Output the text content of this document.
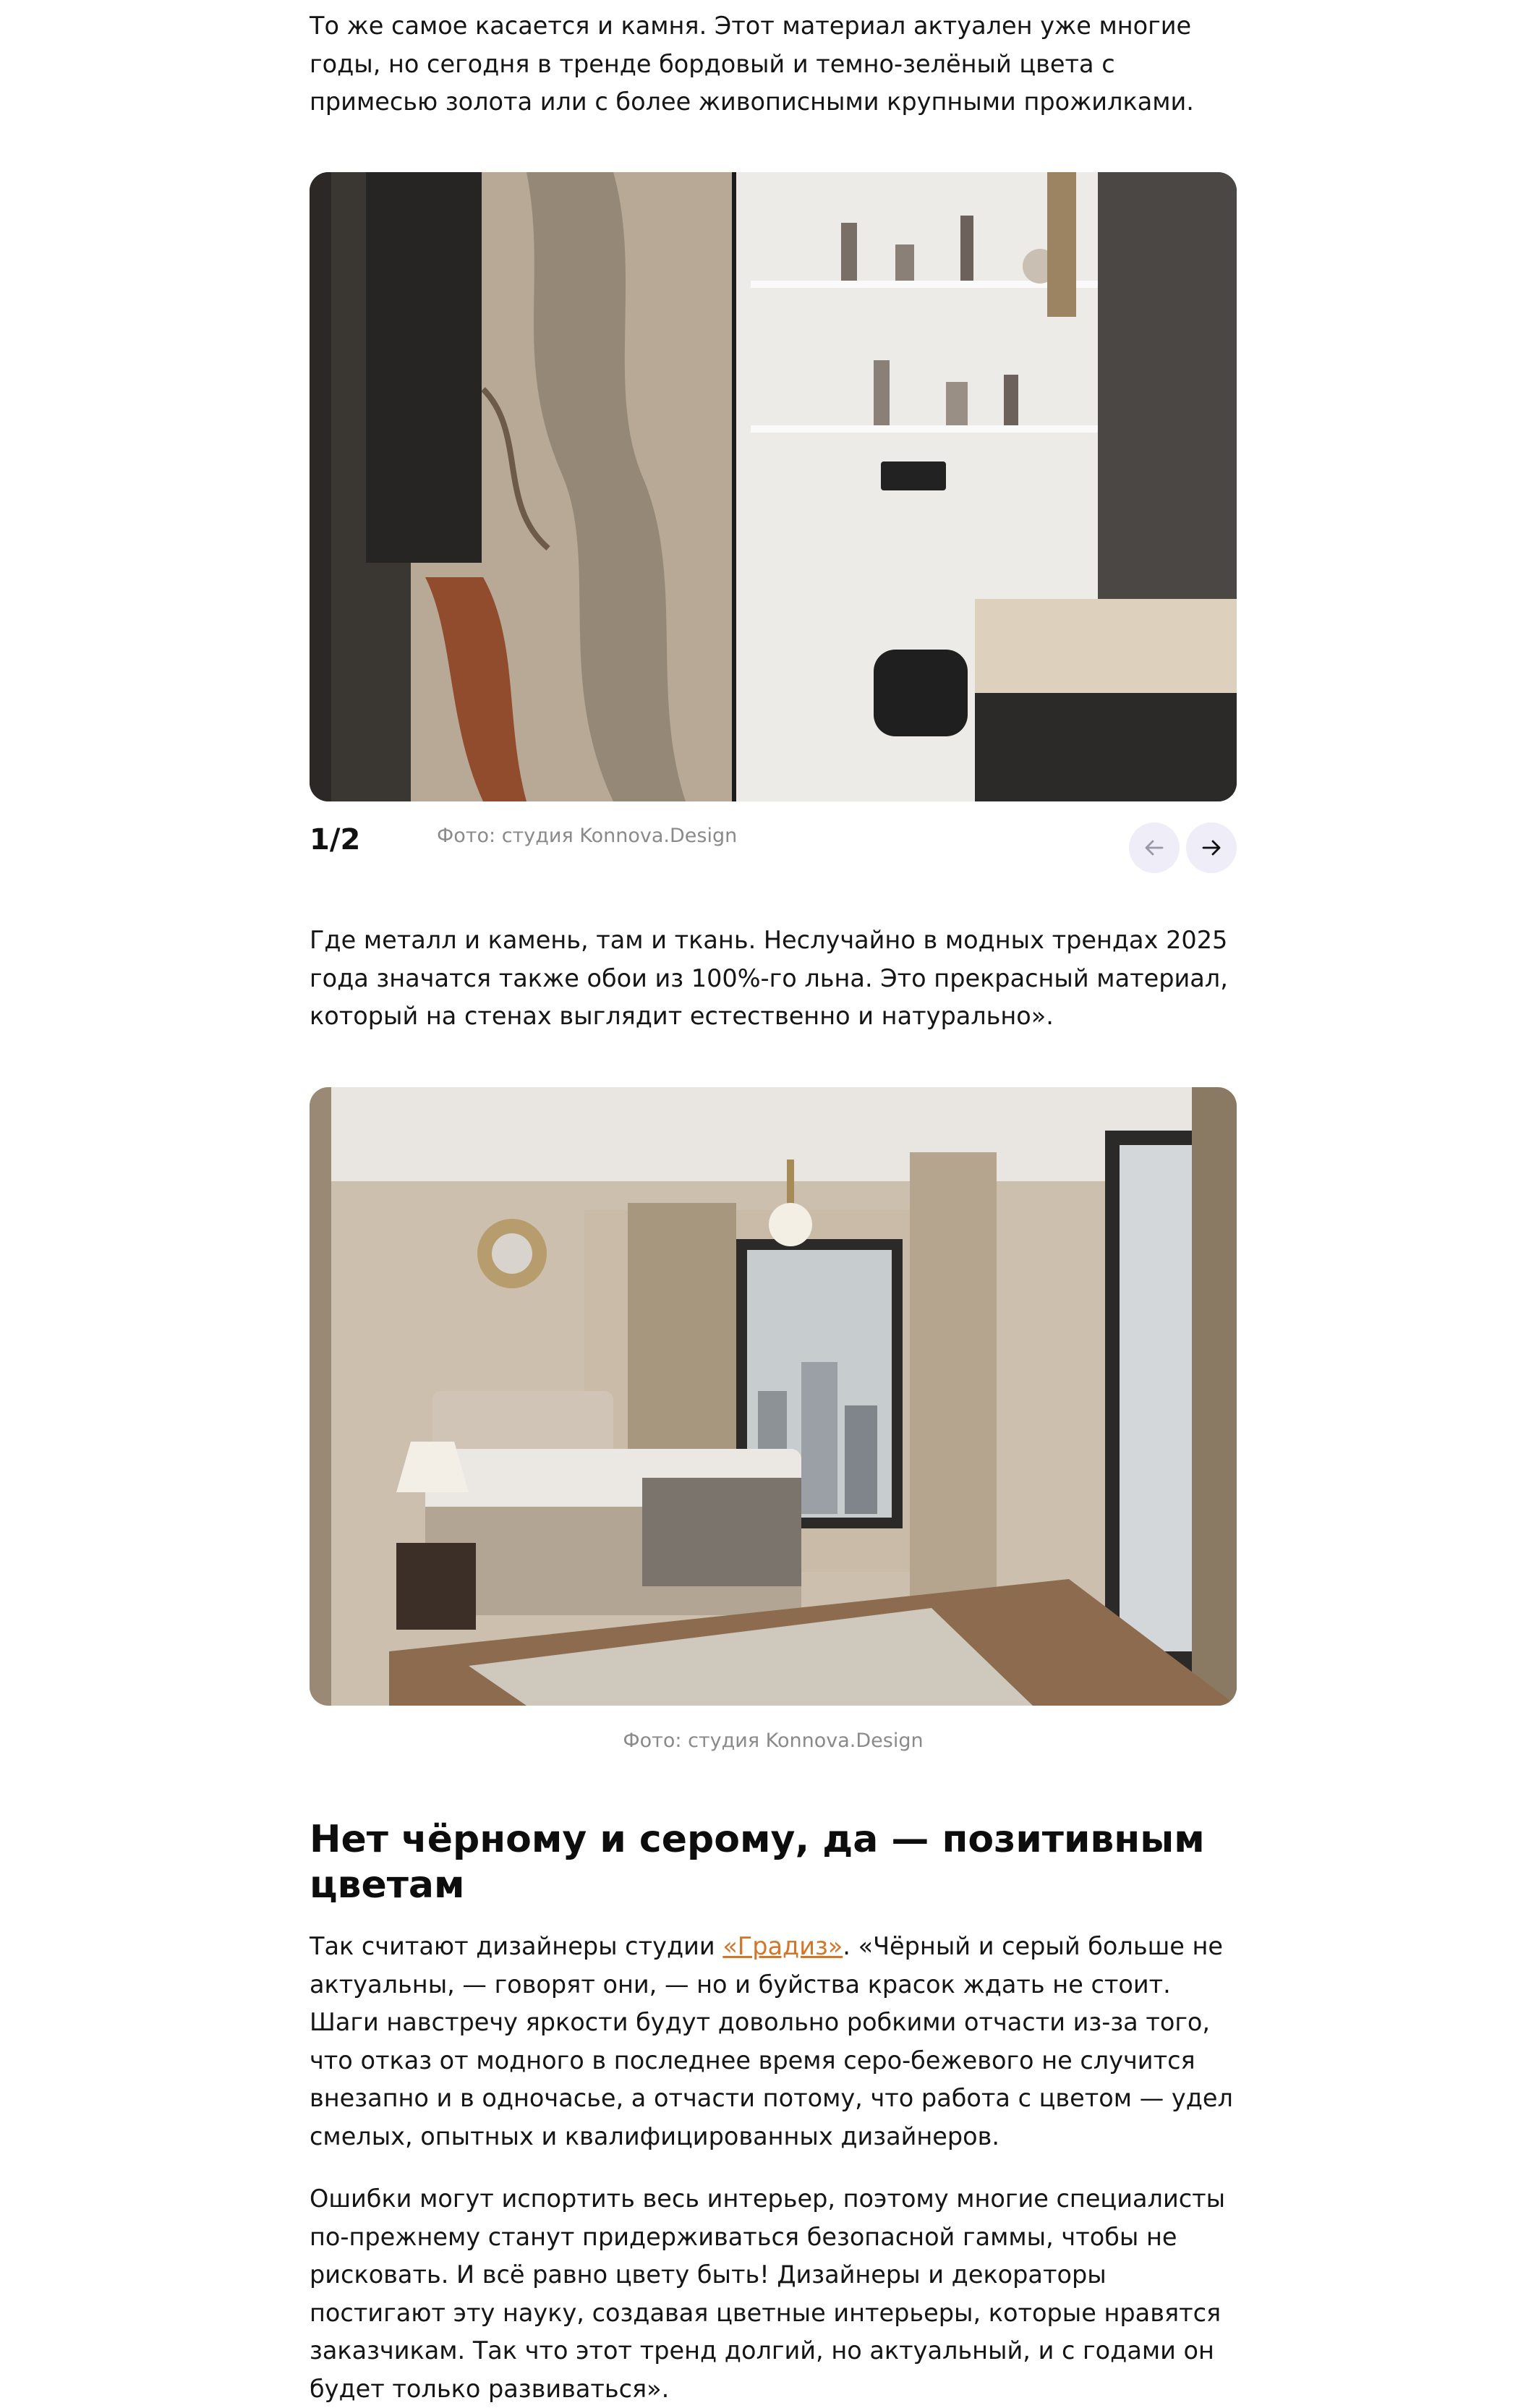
То же самое касается и камня. Этот материал актуален уже многие годы, но сегодня в тренде бордовый и темно-зелёный цвета с примесью золота или с более живописными крупными прожилками.

1/2	Фото: студия Konnova.Design

Где металл и камень, там и ткань. Неслучайно в модных трендах 2025 года значатся также обои из 100%-го льна. Это прекрасный материал, который на стенах выглядит естественно и натурально».

Фото: студия Konnova.Design
Нет чёрному и серому, да — позитивным цветам

Так считают дизайнеры студии «Градиз». «Чёрный и серый больше не актуальны, — говорят они, — но и буйства красок ждать не стоит. Шаги навстречу яркости будут довольно робкими отчасти из-за того, что отказ от модного в последнее время серо-бежевого не случится внезапно и в одночасье, а отчасти потому, что работа с цветом — удел смелых, опытных и квалифицированных дизайнеров.

Ошибки могут испортить весь интерьер, поэтому многие специалисты по-прежнему станут придерживаться безопасной гаммы, чтобы не рисковать. И всё равно цвету быть! Дизайнеры и декораторы постигают эту науку, создавая цветные интерьеры, которые нравятся заказчикам. Так что этот тренд долгий, но актуальный, и с годами он будет только развиваться».
